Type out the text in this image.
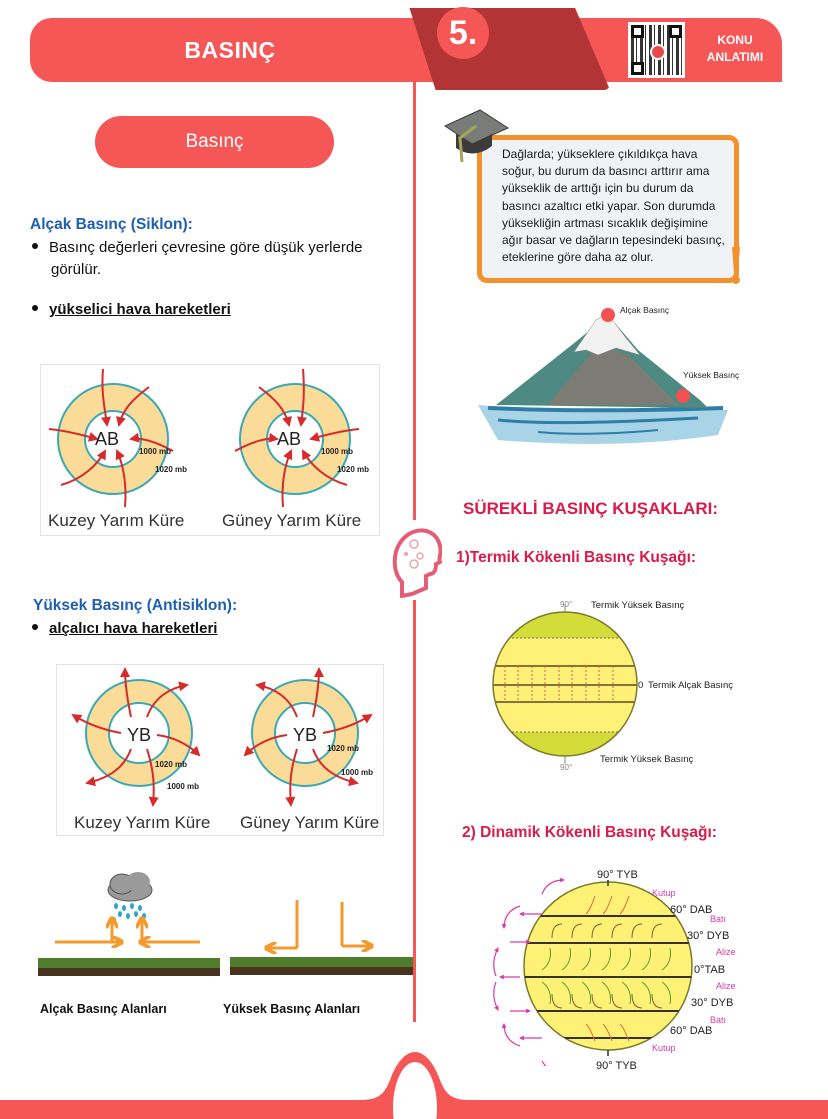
BASINÇ	5.	KONU
ANLATIMI
Basınç
Alçak Basınç (Siklon):
Basınç değerleri çevresine göre düşük yerlerde
görülür.
yükselici hava hareketleri
AB
1000 mb
1020 mb
AB
1000 mb
1020 mb
Kuzey Yarım Küre Güney Yarım Küre
Yüksek Basınç (Antisiklon):
alçalıcı hava hareketleri
YB
1020 mb
1000 mb
YB
1020 mb
1000 mb
Kuzey Yarım Küre Güney Yarım Küre
Alçak Basınç Alanları	Yüksek Basınç Alanları
Dağlarda; yükseklere çıkıldıkça hava soğur, bu durum da basıncı arttırır ama yükseklik de arttığı için bu durum da basıncı azaltıcı etki yapar. Son durumda yüksekliğin artması sıcaklık değişimine ağır basar ve dağların tepesindeki basınç, eteklerine göre daha az olur.
Alçak Basınç
Yüksek Basınç
SÜREKLİ BASINÇ KUŞAKLARI:
1)Termik Kökenli Basınç Kuşağı:
90°
90°
Termik Yüksek Basınç
0 Termik Alçak Basınç
Termik Yüksek Basınç
2) Dinamik Kökenli Basınç Kuşağı:
90° TYB
60° DAB
30° DYB
0°TAB
30° DYB
60° DAB
90° TYB
Kutup
Batı
Alize
Alize
Batı
Kutup
